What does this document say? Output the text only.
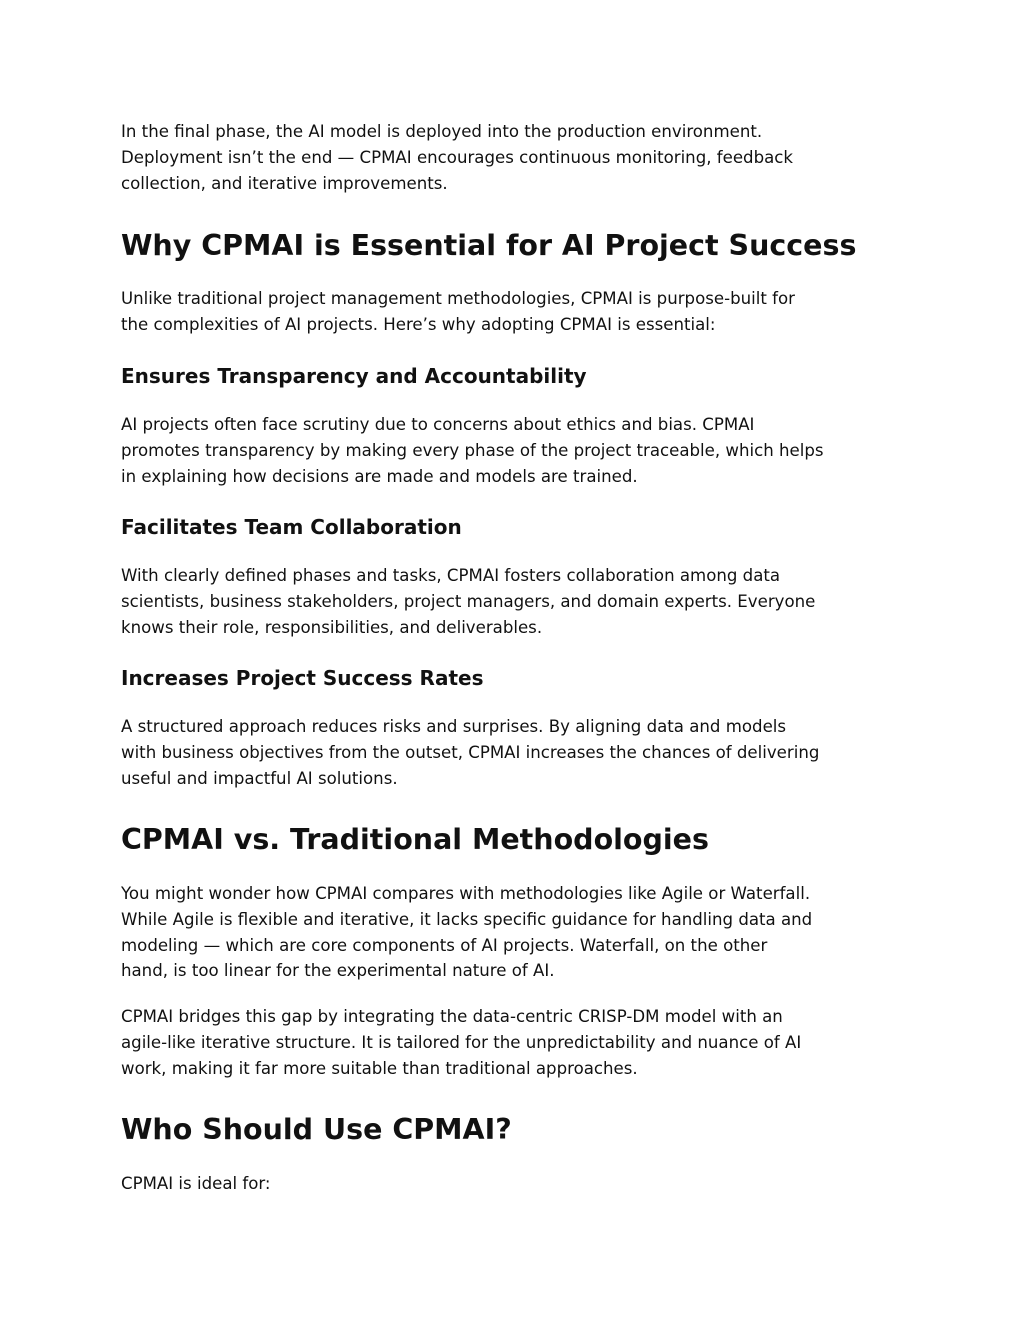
In the final phase, the AI model is deployed into the production environment.
Deployment isn’t the end — CPMAI encourages continuous monitoring, feedback
collection, and iterative improvements.

Why CPMAI is Essential for AI Project Success

Unlike traditional project management methodologies, CPMAI is purpose-built for
the complexities of AI projects. Here’s why adopting CPMAI is essential:

Ensures Transparency and Accountability

AI projects often face scrutiny due to concerns about ethics and bias. CPMAI
promotes transparency by making every phase of the project traceable, which helps
in explaining how decisions are made and models are trained.

Facilitates Team Collaboration

With clearly defined phases and tasks, CPMAI fosters collaboration among data
scientists, business stakeholders, project managers, and domain experts. Everyone
knows their role, responsibilities, and deliverables.

Increases Project Success Rates

A structured approach reduces risks and surprises. By aligning data and models
with business objectives from the outset, CPMAI increases the chances of delivering
useful and impactful AI solutions.

CPMAI vs. Traditional Methodologies

You might wonder how CPMAI compares with methodologies like Agile or Waterfall.
While Agile is flexible and iterative, it lacks specific guidance for handling data and
modeling — which are core components of AI projects. Waterfall, on the other
hand, is too linear for the experimental nature of AI.

CPMAI bridges this gap by integrating the data-centric CRISP-DM model with an
agile-like iterative structure. It is tailored for the unpredictability and nuance of AI
work, making it far more suitable than traditional approaches.

Who Should Use CPMAI?

CPMAI is ideal for:
